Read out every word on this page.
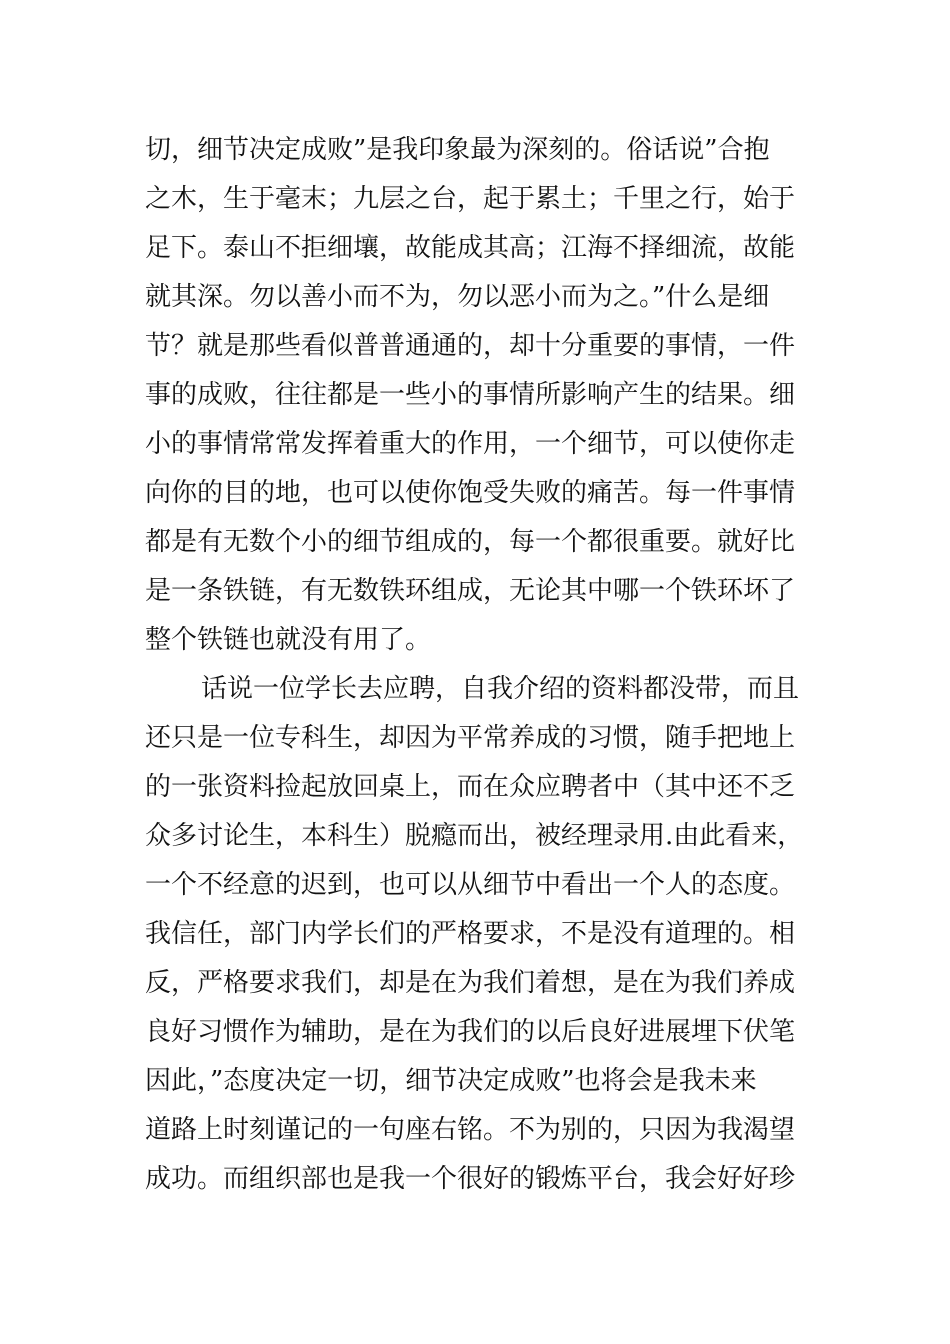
切，细节决定成败”是我印象最为深刻的。俗话说”合抱
之木，生于毫末；九层之台，起于累土；千里之行，始于
足下。泰山不拒细壤，故能成其高；江海不择细流，故能
就其深。勿以善小而不为，勿以恶小而为之。”什么是细
节？就是那些看似普普通通的，却十分重要的事情，一件
事的成败，往往都是一些小的事情所影响产生的结果。细
小的事情常常发挥着重大的作用，一个细节，可以使你走
向你的目的地，也可以使你饱受失败的痛苦。每一件事情
都是有无数个小的细节组成的，每一个都很重要。就好比
是一条铁链，有无数铁环组成，无论其中哪一个铁环坏了
整个铁链也就没有用了。
话说一位学长去应聘，自我介绍的资料都没带，而且
还只是一位专科生，却因为平常养成的习惯，随手把地上
的一张资料捡起放回桌上，而在众应聘者中（其中还不乏
众多讨论生，本科生）脱瘾而出，被经理录用.由此看来，
一个不经意的迟到，也可以从细节中看出一个人的态度。
我信任，部门内学长们的严格要求，不是没有道理的。相
反，严格要求我们，却是在为我们着想，是在为我们养成
良好习惯作为辅助，是在为我们的以后良好进展埋下伏笔
因此，”态度决定一切，细节决定成败”也将会是我未来
道路上时刻谨记的一句座右铭。不为别的，只因为我渴望
成功。而组织部也是我一个很好的锻炼平台，我会好好珍
